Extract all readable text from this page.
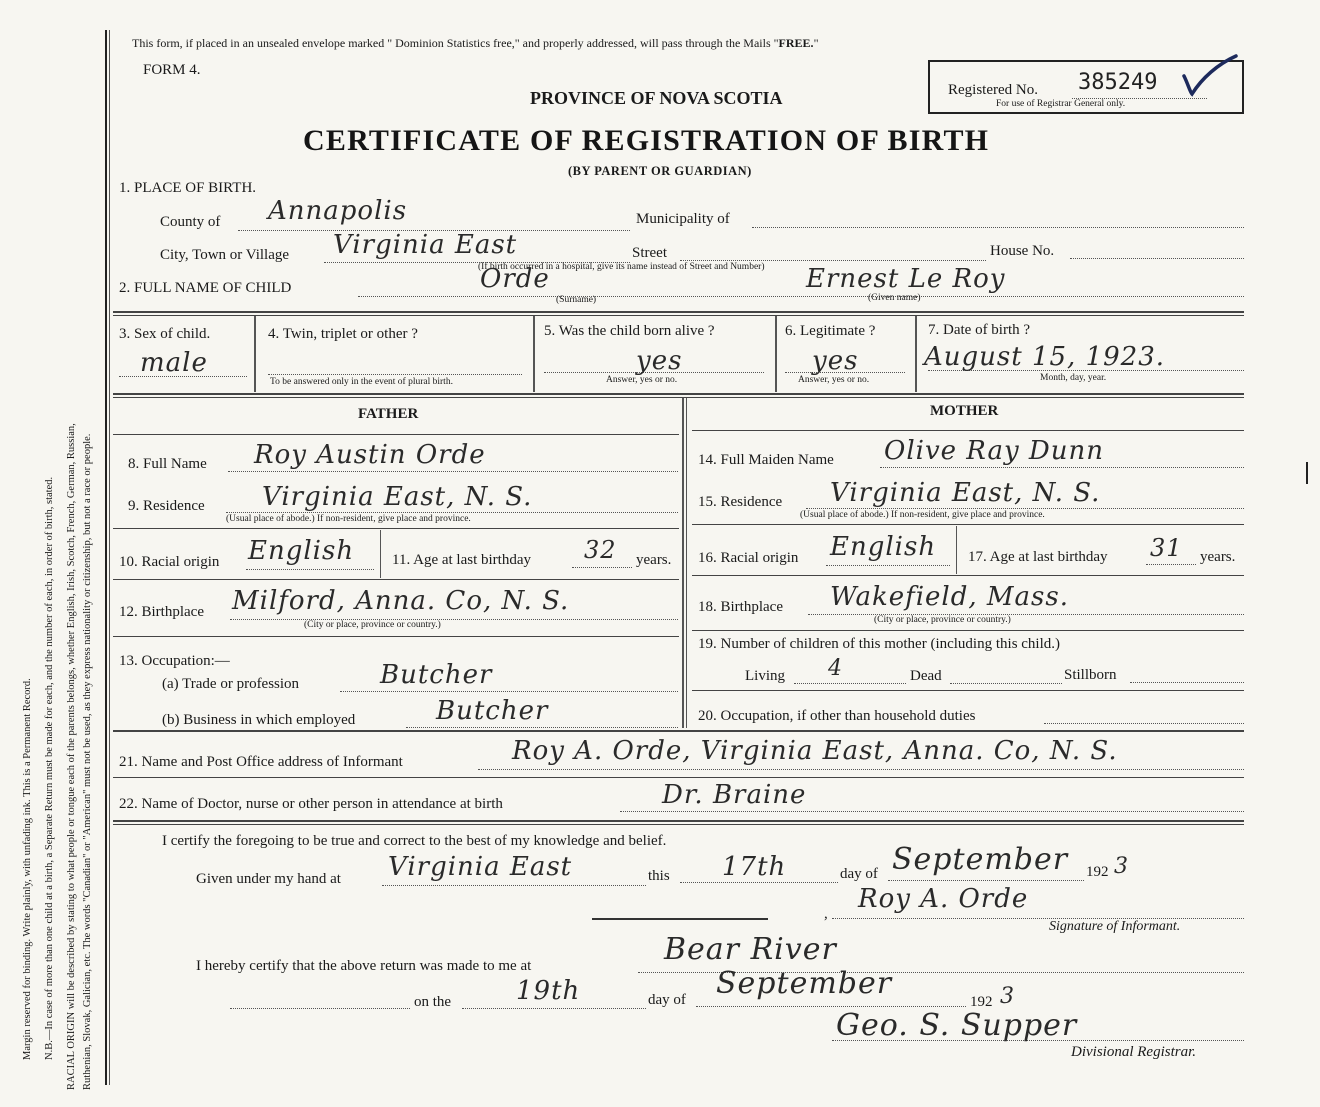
Margin reserved for binding. Write plainly, with unfading ink. This is a Permanent Record. N.B.—In case of more than one child at a birth, a Separate Return must be made for each, and the number of each, in order of birth, stated. RACIAL ORIGIN will be described by stating to what people or tongue each of the parents belongs, whether English, Irish, Scotch, French, German, Russian, Ruthenian, Slovak, Galician, etc. The words "Canadian" or "American" must not be used, as they express nationality or citizenship, but not a race or people.
This form, if placed in an unsealed envelope marked " Dominion Statistics free," and properly addressed, will pass through the Mails "FREE."
FORM 4.
PROVINCE OF NOVA SCOTIA
CERTIFICATE OF REGISTRATION OF BIRTH
(BY PARENT OR GUARDIAN)
Registered No. 385249
For use of Registrar General only.
1. PLACE OF BIRTH.
County of Annapolis	Municipality of
City, Town or Village Virginia East	Street	House No.
(If birth occurred in a hospital, give its name instead of Street and Number)
2. FULL NAME OF CHILD	Orde
(Surname)
Ernest Le Roy
(Given name)
3. Sex of child.
male
4. Twin, triplet or other ?
To be answered only in the event of plural birth.
5. Was the child born alive ?
yes
Answer, yes or no.
6. Legitimate ?
yes
Answer, yes or no.
7. Date of birth ?
August 15, 1923.
Month, day, year.
FATHER
8. Full Name Roy Austin Orde
9. Residence Virginia East, N. S.
(Usual place of abode.) If non-resident, give place and province.
10. Racial origin English	11. Age at last birthday 32 years.
12. Birthplace Milford, Anna. Co, N. S.
(City or place, province or country.)
13. Occupation:—
(a) Trade or profession	Butcher
(b) Business in which employed	Butcher
MOTHER
14. Full Maiden Name Olive Ray Dunn
15. Residence Virginia East, N. S.
(Usual place of abode.) If non-resident, give place and province.
16. Racial origin English 17. Age at last birthday 31 years.
18. Birthplace Wakefield, Mass.
(City or place, province or country.)
19. Number of children of this mother (including this child.)
Living 4	Dead	Stillborn
20. Occupation, if other than household duties
21. Name and Post Office address of Informant	Roy A. Orde, Virginia East, Anna. Co, N. S.
22. Name of Doctor, nurse or other person in attendance at birth	Dr. Braine
I certify the foregoing to be true and correct to the best of my knowledge and belief.
Given under my hand at Virginia East	this 17th	day of September 192 3
, Roy A. Orde
Signature of Informant.
I hereby certify that the above return was made to me at	Bear River
on the 19th	day of September
192 3
Geo. S. Supper
Divisional Registrar.
